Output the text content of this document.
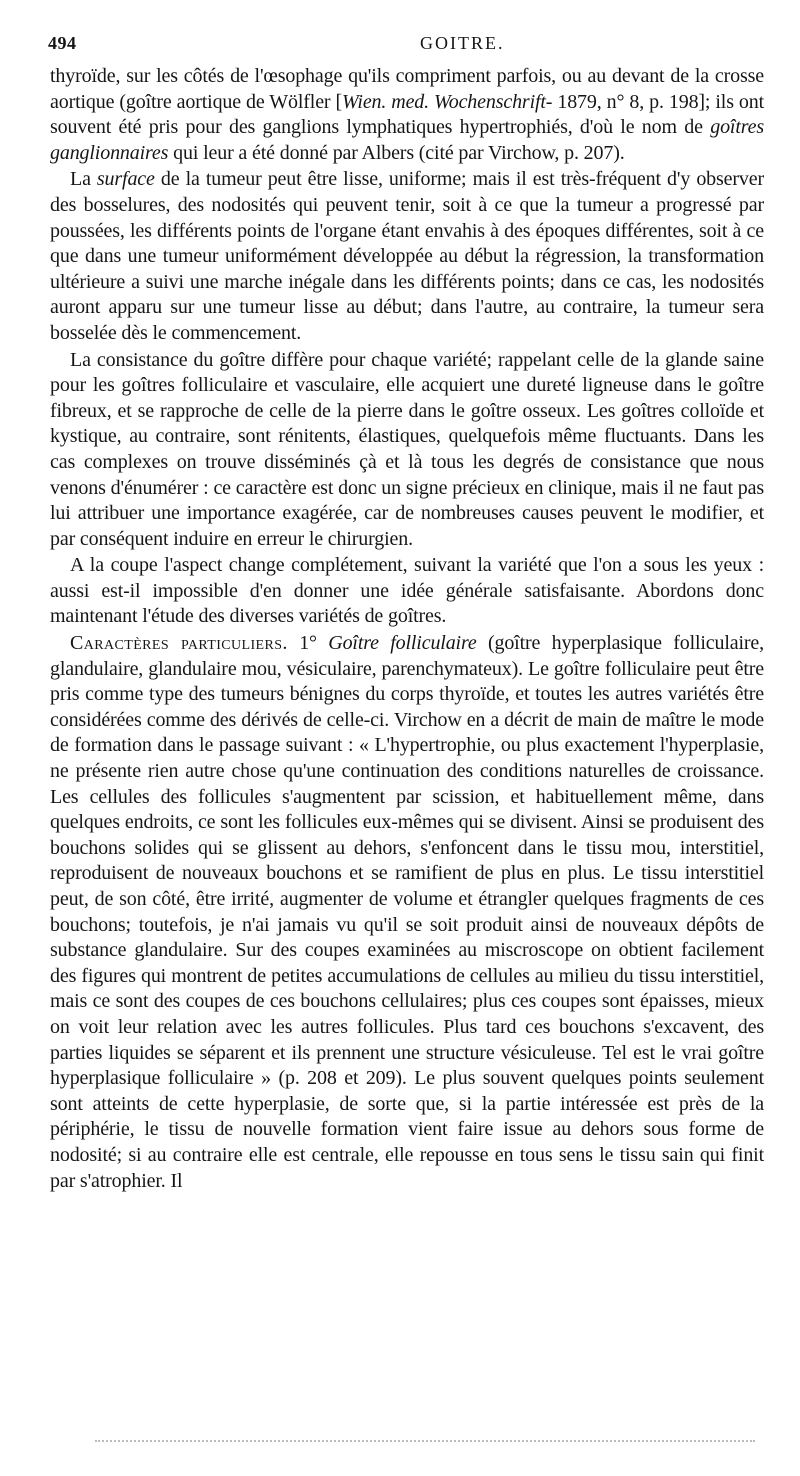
494	GOITRE.

thyroïde, sur les côtés de l'œsophage qu'ils compriment parfois, ou au devant de la crosse aortique (goître aortique de Wölfler [Wien. med. Wochenschrift- 1879, n° 8, p. 198]; ils ont souvent été pris pour des ganglions lymphatiques hypertrophiés, d'où le nom de goîtres ganglionnaires qui leur a été donné par Albers (cité par Virchow, p. 207).

La surface de la tumeur peut être lisse, uniforme; mais il est très-fréquent d'y observer des bosselures, des nodosités qui peuvent tenir, soit à ce que la tumeur a progressé par poussées, les différents points de l'organe étant envahis à des époques différentes, soit à ce que dans une tumeur uniformément développée au début la régression, la transformation ultérieure a suivi une marche inégale dans les différents points; dans ce cas, les nodosités auront apparu sur une tumeur lisse au début; dans l'autre, au contraire, la tumeur sera bosselée dès le commencement.

La consistance du goître diffère pour chaque variété; rappelant celle de la glande saine pour les goîtres folliculaire et vasculaire, elle acquiert une dureté ligneuse dans le goître fibreux, et se rapproche de celle de la pierre dans le goître osseux. Les goîtres colloïde et kystique, au contraire, sont rénitents, élastiques, quelquefois même fluctuants. Dans les cas complexes on trouve disséminés çà et là tous les degrés de consistance que nous venons d'énumérer : ce caractère est donc un signe précieux en clinique, mais il ne faut pas lui attribuer une importance exagérée, car de nombreuses causes peuvent le modifier, et par conséquent induire en erreur le chirurgien.

A la coupe l'aspect change complétement, suivant la variété que l'on a sous les yeux : aussi est-il impossible d'en donner une idée générale satisfaisante. Abordons donc maintenant l'étude des diverses variétés de goîtres.

Caractères particuliers. 1° Goître folliculaire (goître hyperplasique folliculaire, glandulaire, glandulaire mou, vésiculaire, parenchymateux). Le goître folliculaire peut être pris comme type des tumeurs bénignes du corps thyroïde, et toutes les autres variétés être considérées comme des dérivés de celle-ci. Virchow en a décrit de main de maître le mode de formation dans le passage suivant : « L'hypertrophie, ou plus exactement l'hyperplasie, ne présente rien autre chose qu'une continuation des conditions naturelles de croissance. Les cellules des follicules s'augmentent par scission, et habituellement même, dans quelques endroits, ce sont les follicules eux-mêmes qui se divisent. Ainsi se produisent des bouchons solides qui se glissent au dehors, s'enfoncent dans le tissu mou, interstitiel, reproduisent de nouveaux bouchons et se ramifient de plus en plus. Le tissu interstitiel peut, de son côté, être irrité, augmenter de volume et étrangler quelques fragments de ces bouchons; toutefois, je n'ai jamais vu qu'il se soit produit ainsi de nouveaux dépôts de substance glandulaire. Sur des coupes examinées au miscroscope on obtient facilement des figures qui montrent de petites accumulations de cellules au milieu du tissu interstitiel, mais ce sont des coupes de ces bouchons cellulaires; plus ces coupes sont épaisses, mieux on voit leur relation avec les autres follicules. Plus tard ces bouchons s'excavent, des parties liquides se séparent et ils prennent une structure vésiculeuse. Tel est le vrai goître hyperplasique folliculaire » (p. 208 et 209). Le plus souvent quelques points seulement sont atteints de cette hyperplasie, de sorte que, si la partie intéressée est près de la périphérie, le tissu de nouvelle formation vient faire issue au dehors sous forme de nodosité; si au contraire elle est centrale, elle repousse en tous sens le tissu sain qui finit par s'atrophier. Il
